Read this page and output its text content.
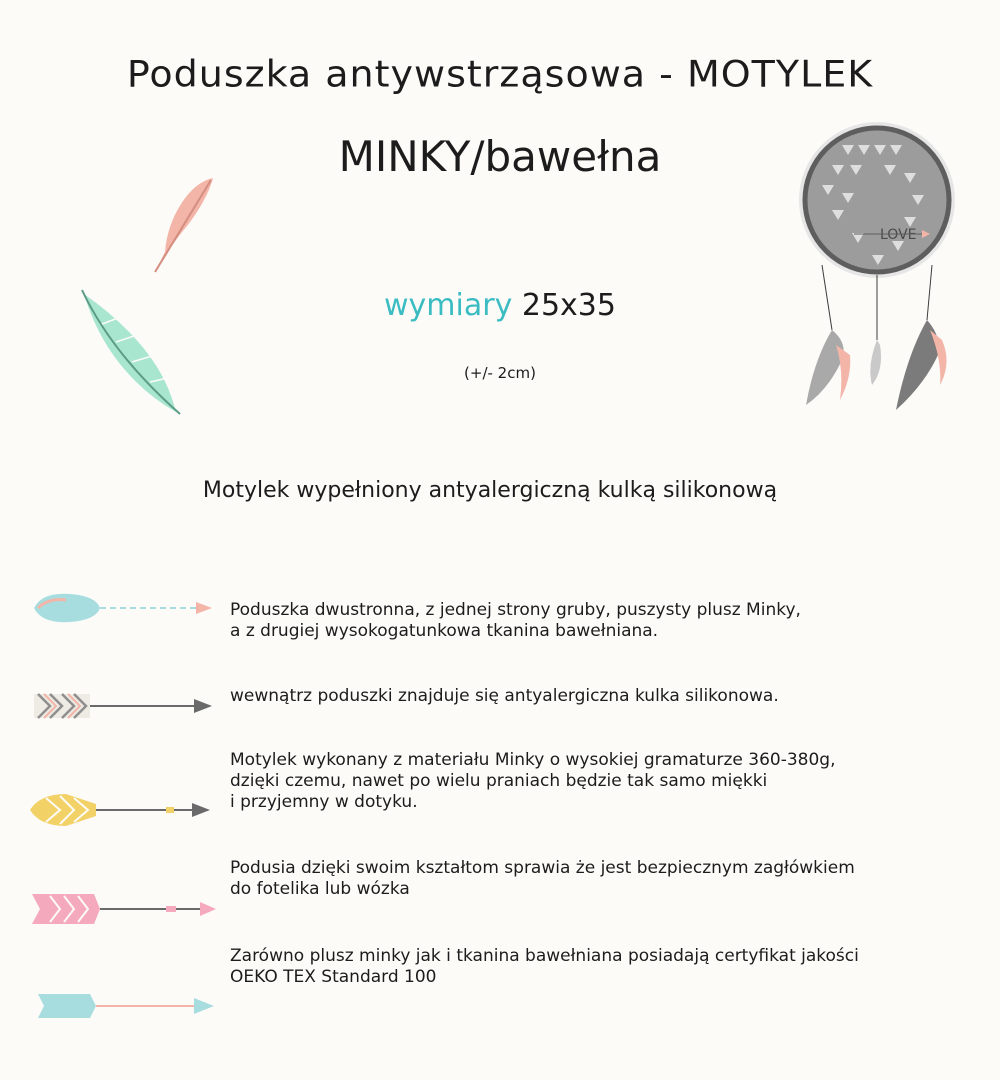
Poduszka antywstrząsowa - MOTYLEK
MINKY/bawełna
wymiary 25x35
(+/- 2cm)
Motylek wypełniony antyalergiczną kulką silikonową
LOVE
Poduszka dwustronna, z jednej strony gruby, puszysty plusz Minky,
a z drugiej wysokogatunkowa tkanina bawełniana.
wewnątrz poduszki znajduje się antyalergiczna kulka silikonowa.
Motylek wykonany z materiału Minky o wysokiej gramaturze 360-380g,
dzięki czemu, nawet po wielu praniach będzie tak samo miękki
i przyjemny w dotyku.
Podusia dzięki swoim kształtom sprawia że jest bezpiecznym zagłówkiem
do fotelika lub wózka
Zarówno plusz minky jak i tkanina bawełniana posiadają certyfikat jakości
OEKO TEX Standard 100
